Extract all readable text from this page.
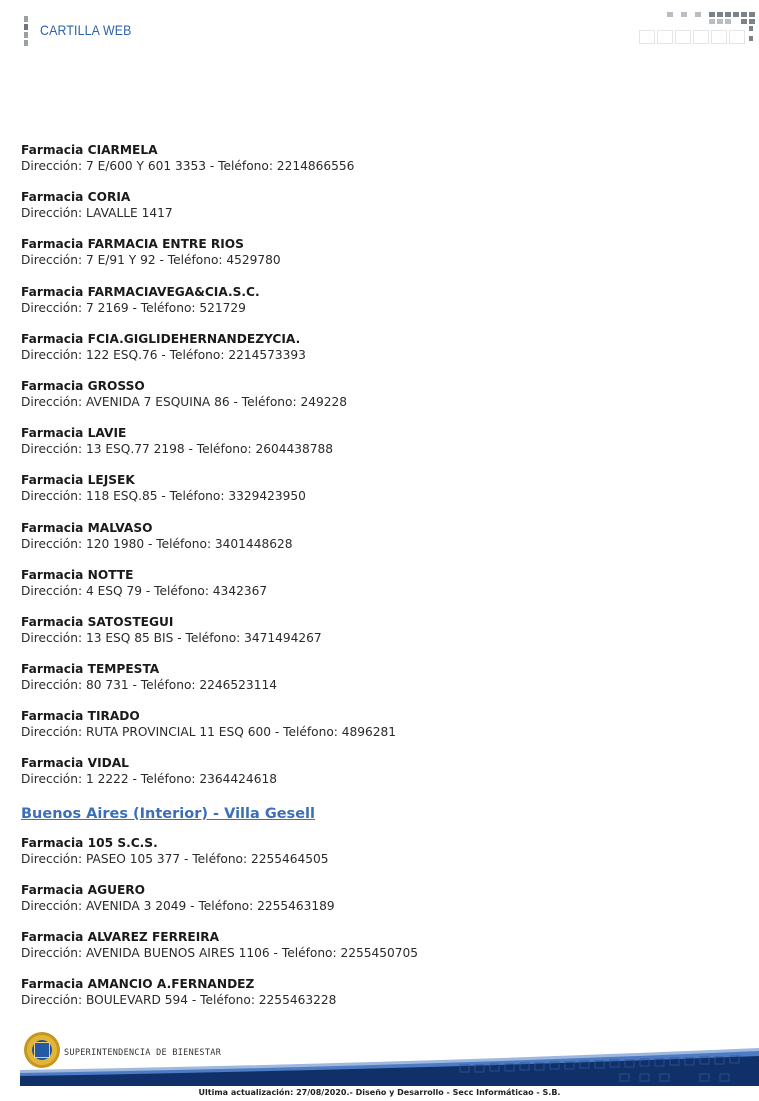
CARTILLA WEB
Farmacia CIARMELA
Dirección: 7 E/600 Y 601 3353 - Teléfono: 2214866556
Farmacia CORIA
Dirección: LAVALLE 1417
Farmacia FARMACIA ENTRE RIOS
Dirección: 7 E/91 Y 92 - Teléfono: 4529780
Farmacia FARMACIAVEGA&CIA.S.C.
Dirección: 7 2169 - Teléfono: 521729
Farmacia FCIA.GIGLIDEHERNANDEZYCIA.
Dirección: 122 ESQ.76 - Teléfono: 2214573393
Farmacia GROSSO
Dirección: AVENIDA 7 ESQUINA 86 - Teléfono: 249228
Farmacia LAVIE
Dirección: 13 ESQ.77 2198 - Teléfono: 2604438788
Farmacia LEJSEK
Dirección: 118 ESQ.85 - Teléfono: 3329423950
Farmacia MALVASO
Dirección: 120 1980 - Teléfono: 3401448628
Farmacia NOTTE
Dirección: 4 ESQ 79 - Teléfono: 4342367
Farmacia SATOSTEGUI
Dirección: 13 ESQ 85 BIS - Teléfono: 3471494267
Farmacia TEMPESTA
Dirección: 80 731 - Teléfono: 2246523114
Farmacia TIRADO
Dirección: RUTA PROVINCIAL 11 ESQ 600 - Teléfono: 4896281
Farmacia VIDAL
Dirección: 1 2222 - Teléfono: 2364424618
Buenos Aires (Interior) - Villa Gesell
Farmacia 105 S.C.S.
Dirección: PASEO 105 377 - Teléfono: 2255464505
Farmacia AGUERO
Dirección: AVENIDA 3 2049 - Teléfono: 2255463189
Farmacia ALVAREZ FERREIRA
Dirección: AVENIDA BUENOS AIRES 1106 - Teléfono: 2255450705
Farmacia AMANCIO A.FERNANDEZ
Dirección: BOULEVARD 594 - Teléfono: 2255463228
SUPERINTENDENCIA DE BIENESTAR
Ultima actualización: 27/08/2020.- Diseño y Desarrollo - Secc Informáticao - S.B.
